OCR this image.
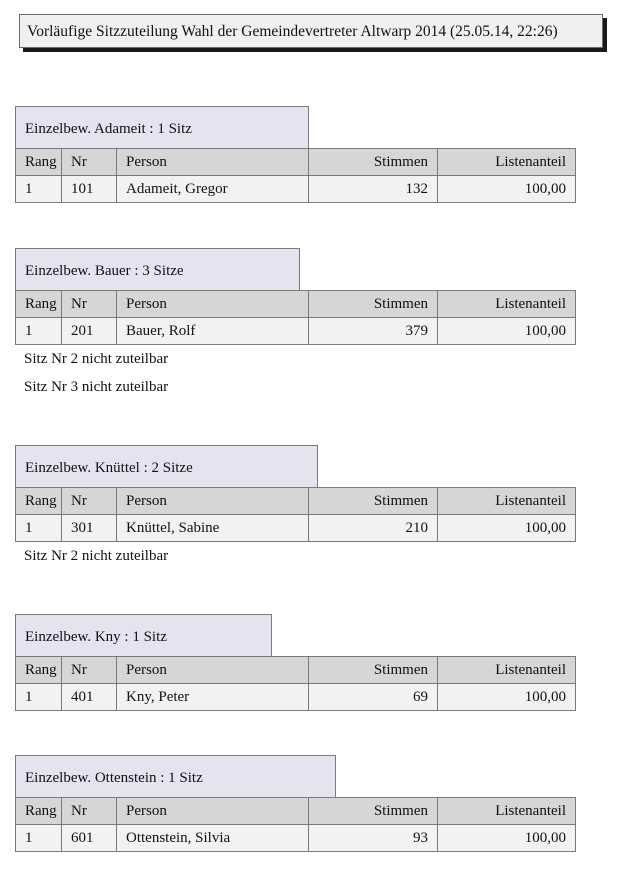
Vorläufige Sitzzuteilung Wahl der Gemeindevertreter Altwarp 2014 (25.05.14, 22:26)
Einzelbew. Adameit : 1 Sitz
Rang	Nr	Person	Stimmen	Listenanteil
1	101	Adameit, Gregor	132	100,00
Einzelbew. Bauer : 3 Sitze
Rang	Nr	Person	Stimmen	Listenanteil
1	201	Bauer, Rolf	379	100,00
Sitz Nr 2 nicht zuteilbar
Sitz Nr 3 nicht zuteilbar
Einzelbew. Knüttel : 2 Sitze
Rang	Nr	Person	Stimmen	Listenanteil
1	301	Knüttel, Sabine	210	100,00
Sitz Nr 2 nicht zuteilbar
Einzelbew. Kny : 1 Sitz
Rang	Nr	Person	Stimmen	Listenanteil
1	401	Kny, Peter	69	100,00
Einzelbew. Ottenstein : 1 Sitz
Rang	Nr	Person	Stimmen	Listenanteil
1	601	Ottenstein, Silvia	93	100,00
